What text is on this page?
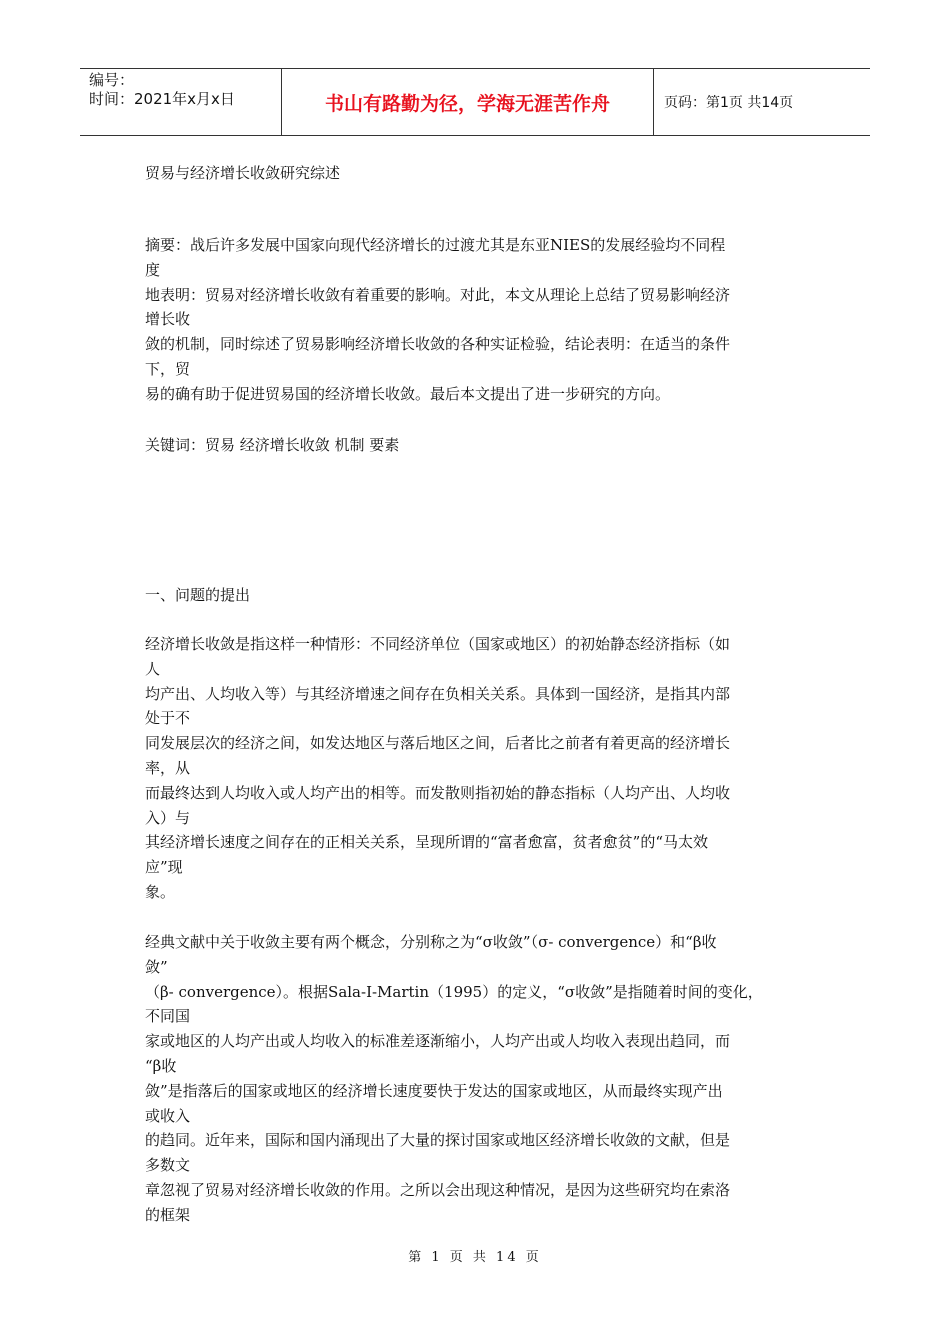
编号：
时间：2021年x月x日	书山有路勤为径，学海无涯苦作舟	页码：第1页 共14页
贸易与经济增长收敛研究综述
摘要：战后许多发展中国家向现代经济增长的过渡尤其是东亚NIES的发展经验均不同程
度
地表明：贸易对经济增长收敛有着重要的影响。对此，本文从理论上总结了贸易影响经济
增长收
敛的机制，同时综述了贸易影响经济增长收敛的各种实证检验，结论表明：在适当的条件
下，贸
易的确有助于促进贸易国的经济增长收敛。最后本文提出了进一步研究的方向。
关键词：贸易 经济增长收敛 机制 要素
一、问题的提出
经济增长收敛是指这样一种情形：不同经济单位（国家或地区）的初始静态经济指标（如
人
均产出、人均收入等）与其经济增速之间存在负相关关系。具体到一国经济，是指其内部
处于不
同发展层次的经济之间，如发达地区与落后地区之间，后者比之前者有着更高的经济增长
率，从
而最终达到人均收入或人均产出的相等。而发散则指初始的静态指标（人均产出、人均收
入）与
其经济增长速度之间存在的正相关关系，呈现所谓的“富者愈富，贫者愈贫”的“马太效
应”现
象。
经典文献中关于收敛主要有两个概念，分别称之为“σ收敛”（σ- convergence）和“β收
敛”
（β- convergence）。根据Sala-I-Martin（1995）的定义，“σ收敛”是指随着时间的变化，
不同国
家或地区的人均产出或人均收入的标准差逐渐缩小，人均产出或人均收入表现出趋同，而
“β收
敛”是指落后的国家或地区的经济增长速度要快于发达的国家或地区，从而最终实现产出
或收入
的趋同。近年来，国际和国内涌现出了大量的探讨国家或地区经济增长收敛的文献，但是
多数文
章忽视了贸易对经济增长收敛的作用。之所以会出现这种情况，是因为这些研究均在索洛
的框架
第 1 页 共 14 页
